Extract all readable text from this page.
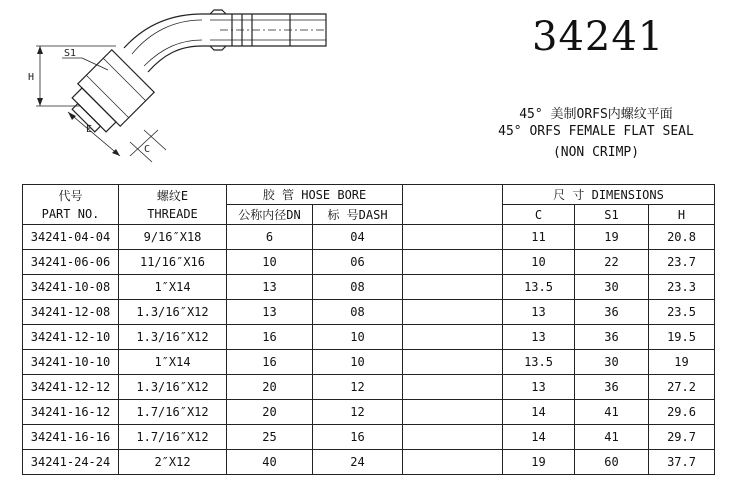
H
S1
E
C
34241
45° 美制ORFS内螺纹平面
45° ORFS FEMALE FLAT SEAL
(NON CRIMP)
代号
PART NO.	螺纹E
THREADE	胶 管 HOSE BORE			尺 寸 DIMENSIONS		
		公称内径DN	标 号DASH		C	S1	H
34241-04-04	9/16″X18	6	04		11	19	20.8
34241-06-06	11/16″X16	10	06		10	22	23.7
34241-10-08	1″X14	13	08		13.5	30	23.3
34241-12-08	1.3/16″X12	13	08		13	36	23.5
34241-12-10	1.3/16″X12	16	10		13	36	19.5
34241-10-10	1″X14	16	10		13.5	30	19
34241-12-12	1.3/16″X12	20	12		13	36	27.2
34241-16-12	1.7/16″X12	20	12		14	41	29.6
34241-16-16	1.7/16″X12	25	16		14	41	29.7
34241-24-24	2″X12	40	24		19	60	37.7
